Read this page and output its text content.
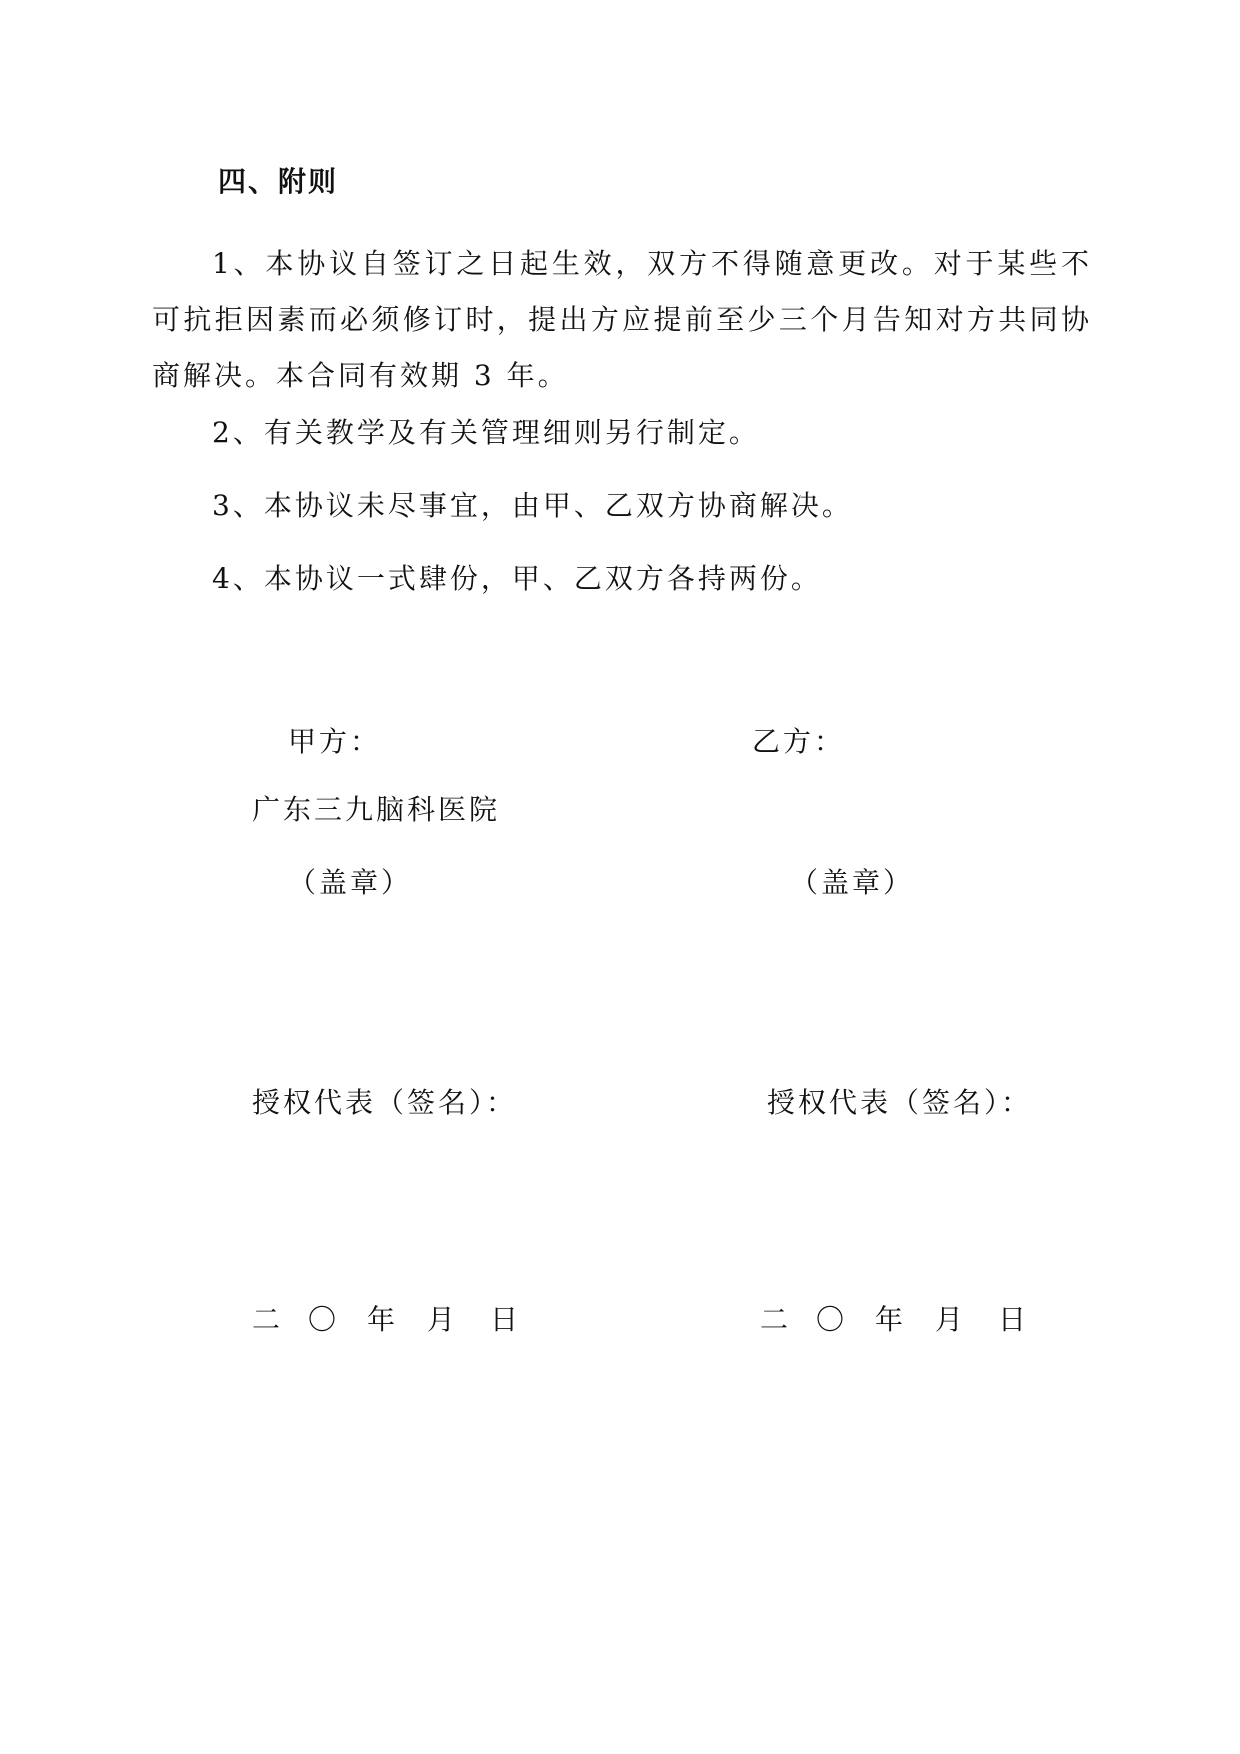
四、附则
1、本协议自签订之日起生效，双方不得随意更改。对于某些不可抗拒因素而必须修订时，提出方应提前至少三个月告知对方共同协商解决。本合同有效期 3 年。
2、有关教学及有关管理细则另行制定。
3、本协议未尽事宜，由甲、乙双方协商解决。
4、本协议一式肆份，甲、乙双方各持两份。
甲方：	乙方：
广东三九脑科医院
（盖章）	（盖章）
授权代表（签名）：	授权代表（签名）：
二 〇 年 月 日	二 〇 年 月 日
